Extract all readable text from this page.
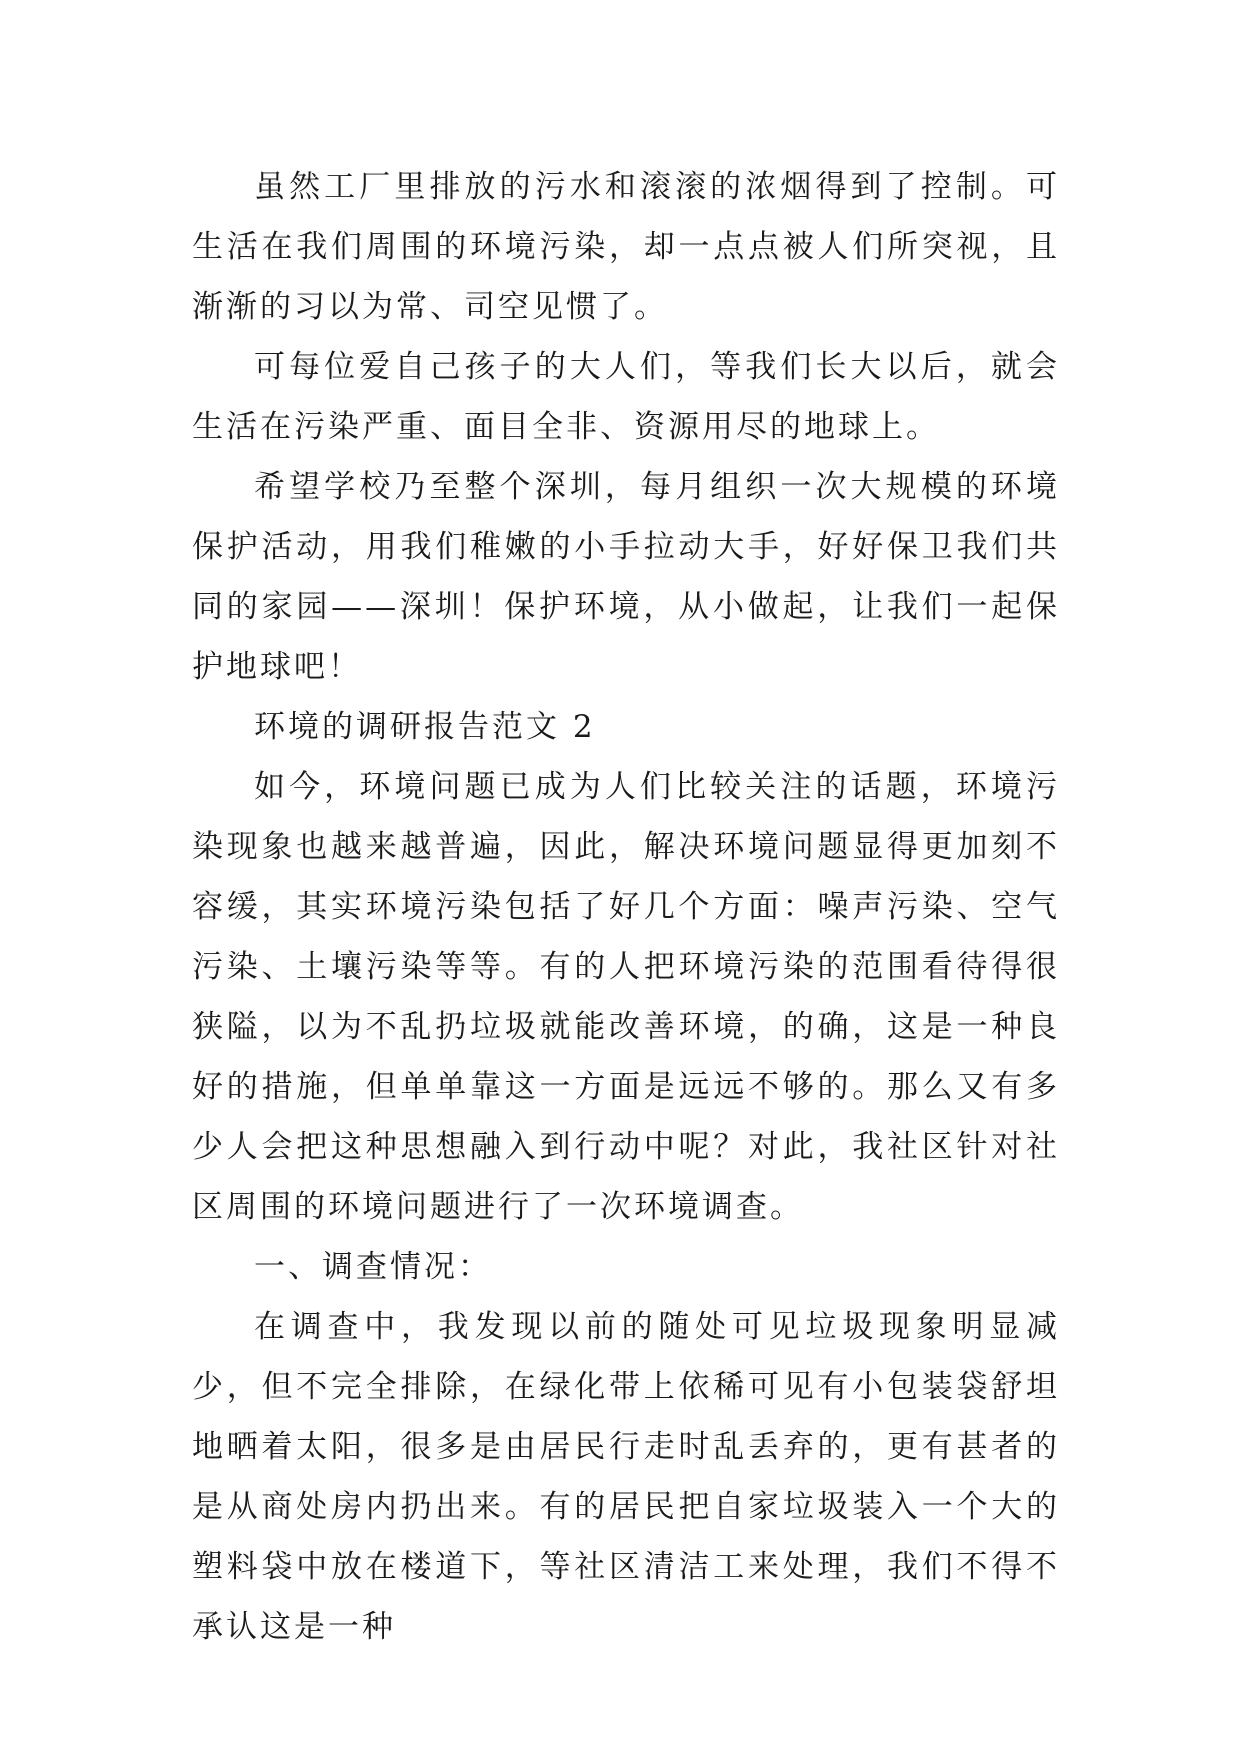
虽然工厂里排放的污水和滚滚的浓烟得到了控制。可生活在我们周围的环境污染，却一点点被人们所突视，且渐渐的习以为常、司空见惯了。

可每位爱自己孩子的大人们，等我们长大以后，就会生活在污染严重、面目全非、资源用尽的地球上。

希望学校乃至整个深圳，每月组织一次大规模的环境保护活动，用我们稚嫩的小手拉动大手，好好保卫我们共同的家园——深圳！保护环境，从小做起，让我们一起保护地球吧！

环境的调研报告范文 2

如今，环境问题已成为人们比较关注的话题，环境污染现象也越来越普遍，因此，解决环境问题显得更加刻不容缓，其实环境污染包括了好几个方面：噪声污染、空气污染、土壤污染等等。有的人把环境污染的范围看待得很狭隘，以为不乱扔垃圾就能改善环境，的确，这是一种良好的措施，但单单靠这一方面是远远不够的。那么又有多少人会把这种思想融入到行动中呢？对此，我社区针对社区周围的环境问题进行了一次环境调查。

一、调查情况：

在调查中，我发现以前的随处可见垃圾现象明显减少，但不完全排除，在绿化带上依稀可见有小包装袋舒坦地晒着太阳，很多是由居民行走时乱丢弃的，更有甚者的是从商处房内扔出来。有的居民把自家垃圾装入一个大的塑料袋中放在楼道下，等社区清洁工来处理，我们不得不承认这是一种
